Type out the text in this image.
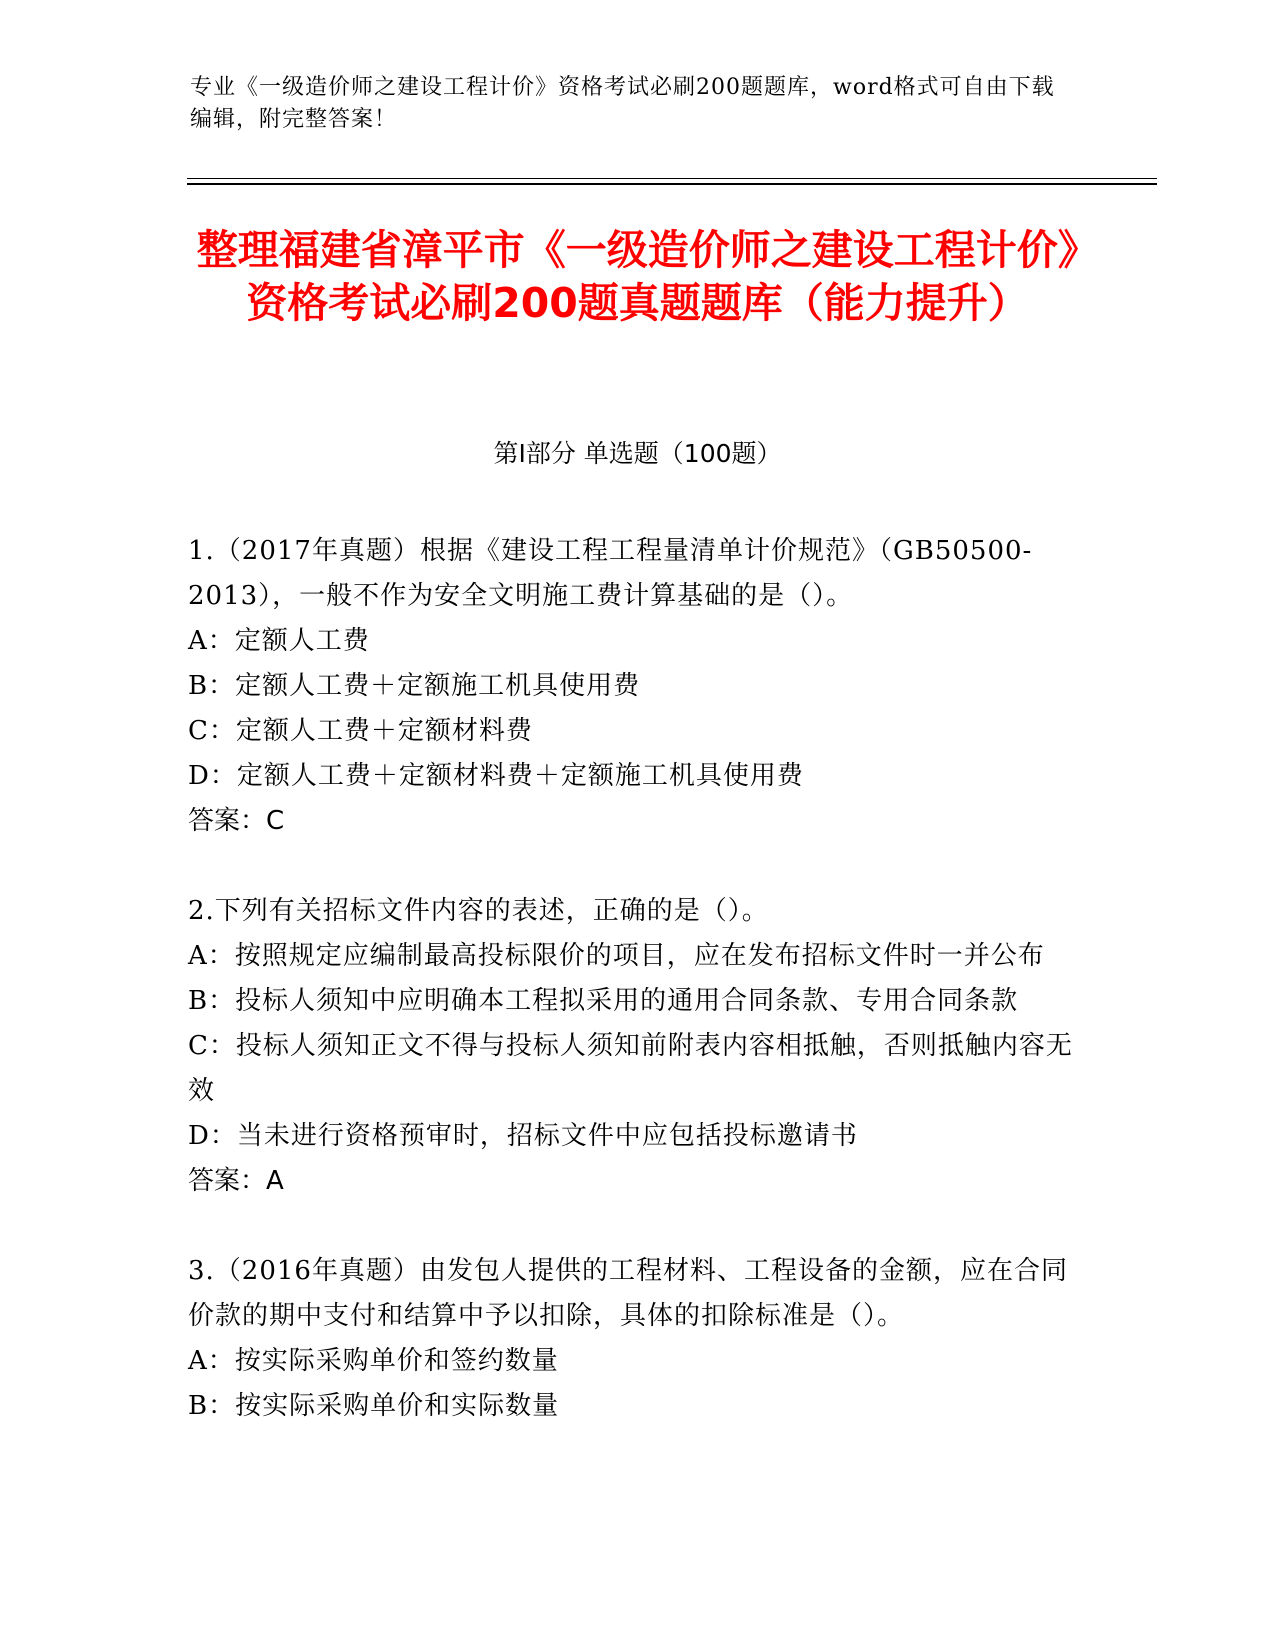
专业《一级造价师之建设工程计价》资格考试必刷200题题库，word格式可自由下载编辑，附完整答案！
整理福建省漳平市《一级造价师之建设工程计价》资格考试必刷200题真题题库（能力提升）
第I部分 单选题（100题）
1.（2017年真题）根据《建设工程工程量清单计价规范》（GB50500-2013），一般不作为安全文明施工费计算基础的是（）。
A：定额人工费
B：定额人工费＋定额施工机具使用费
C：定额人工费＋定额材料费
D：定额人工费＋定额材料费＋定额施工机具使用费
答案：C
2.下列有关招标文件内容的表述，正确的是（）。
A：按照规定应编制最高投标限价的项目，应在发布招标文件时一并公布
B：投标人须知中应明确本工程拟采用的通用合同条款、专用合同条款
C：投标人须知正文不得与投标人须知前附表内容相抵触，否则抵触内容无效
D：当未进行资格预审时，招标文件中应包括投标邀请书
答案：A
3.（2016年真题）由发包人提供的工程材料、工程设备的金额，应在合同价款的期中支付和结算中予以扣除，具体的扣除标准是（）。
A：按实际采购单价和签约数量
B：按实际采购单价和实际数量
